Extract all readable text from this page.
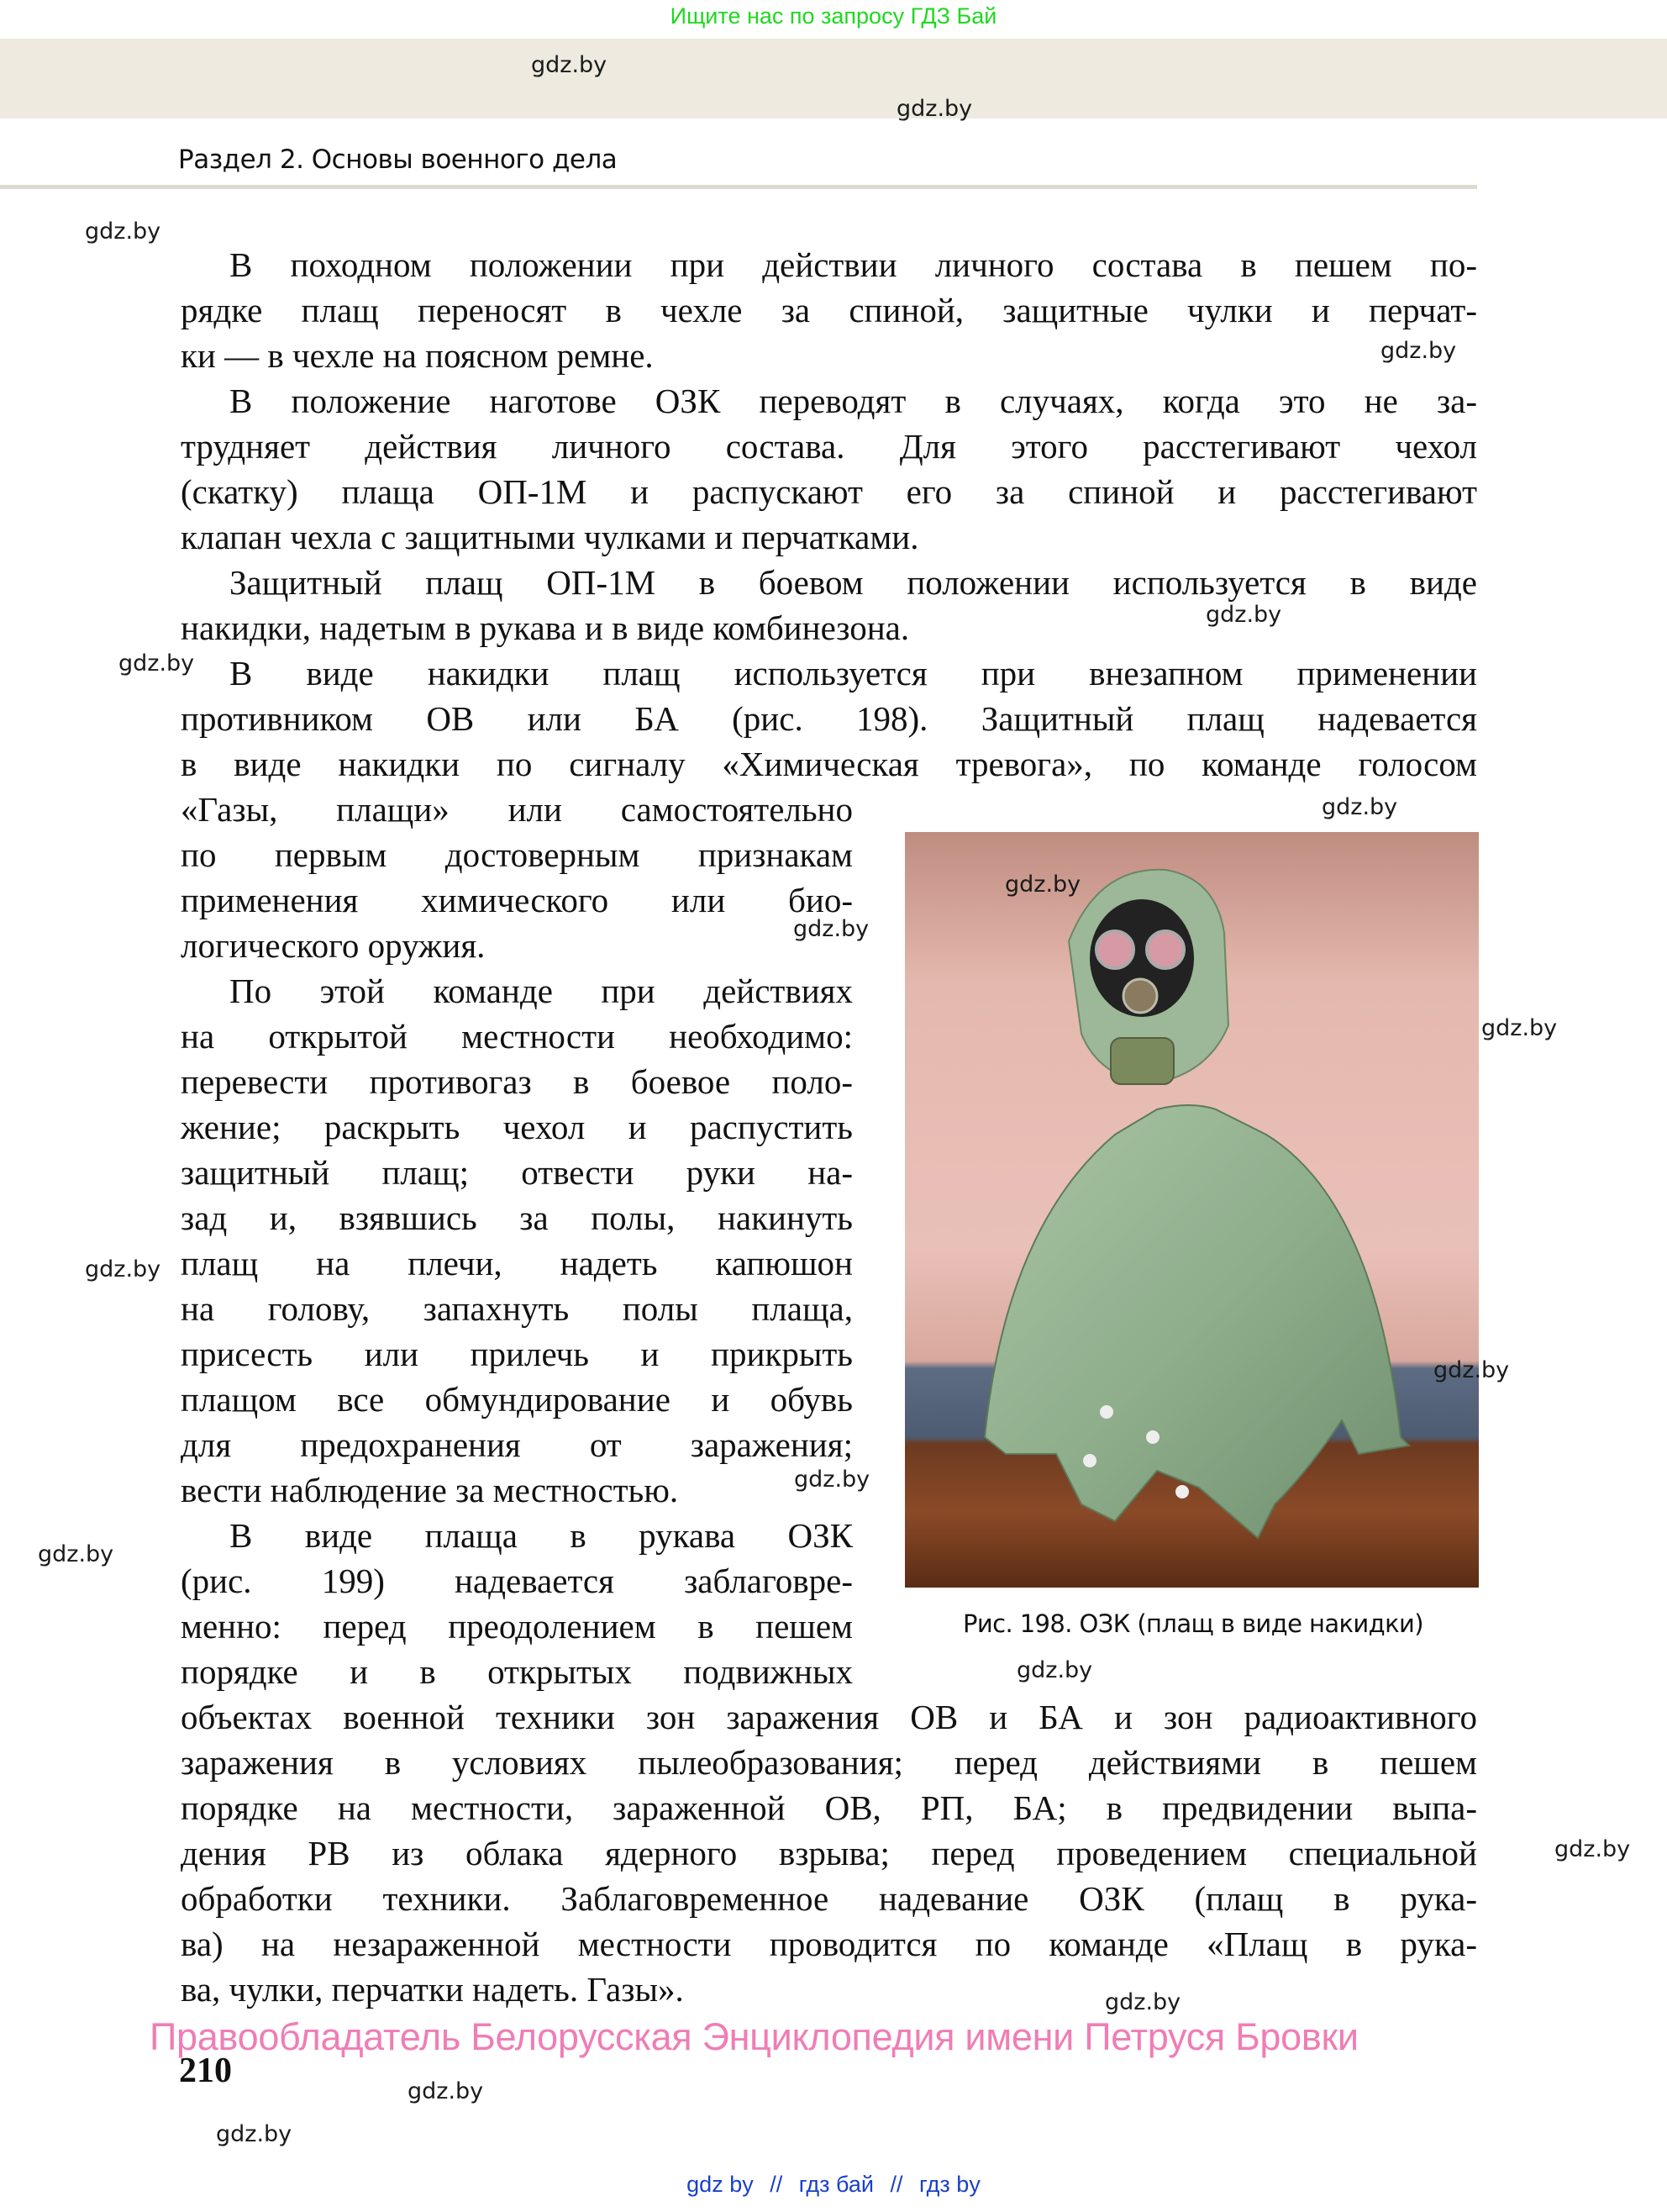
Ищите нас по запросу ГДЗ Бай
Раздел 2. Основы военного дела
В походном положении при действии личного состава в пешем по-
рядке плащ переносят в чехле за спиной, защитные чулки и перчат-
ки — в чехле на поясном ремне.
В положение наготове ОЗК переводят в случаях, когда это не за-
трудняет действия личного состава. Для этого расстегивают чехол
(скатку) плаща ОП-1М и распускают его за спиной и расстегивают
клапан чехла с защитными чулками и перчатками.
Защитный плащ ОП-1М в боевом положении используется в виде
накидки, надетым в рукава и в виде комбинезона.
В виде накидки плащ используется при внезапном применении
противником ОВ или БА (рис. 198). Защитный плащ надевается
в виде накидки по сигналу «Химическая тревога», по команде голосом
«Газы, плащи» или самостоятельно
по первым достоверным признакам
применения химического или био-
логического оружия.
По этой команде при действиях
на открытой местности необходимо:
перевести противогаз в боевое поло-
жение; раскрыть чехол и распустить
защитный плащ; отвести руки на-
зад и, взявшись за полы, накинуть
плащ на плечи, надеть капюшон
на голову, запахнуть полы плаща,
присесть или прилечь и прикрыть
плащом все обмундирование и обувь
для предохранения от заражения;
вести наблюдение за местностью.
В виде плаща в рукава ОЗК
(рис. 199) надевается заблаговре-
менно: перед преодолением в пешем
порядке и в открытых подвижных
объектах военной техники зон заражения ОВ и БА и зон радиоактивного
заражения в условиях пылеобразования; перед действиями в пешем
порядке на местности, зараженной ОВ, РП, БА; в предвидении выпа-
дения РВ из облака ядерного взрыва; перед проведением специальной
обработки техники. Заблаговременное надевание ОЗК (плащ в рука-
ва) на незараженной местности проводится по команде «Плащ в рука-
ва, чулки, перчатки надеть. Газы».
Рис. 198. ОЗК (плащ в виде накидки)
gdz.by
gdz.by
gdz.by
gdz.by
gdz.by
gdz.by
gdz.by
gdz.by
gdz.by
gdz.by
gdz.by
gdz.by
gdz.by
gdz.by
gdz.by
gdz.by
gdz.by
gdz.by
gdz.by
Правообладатель Белорусская Энциклопедия имени Петруся Бровки
210
gdz by // гдз бай // гдз by
